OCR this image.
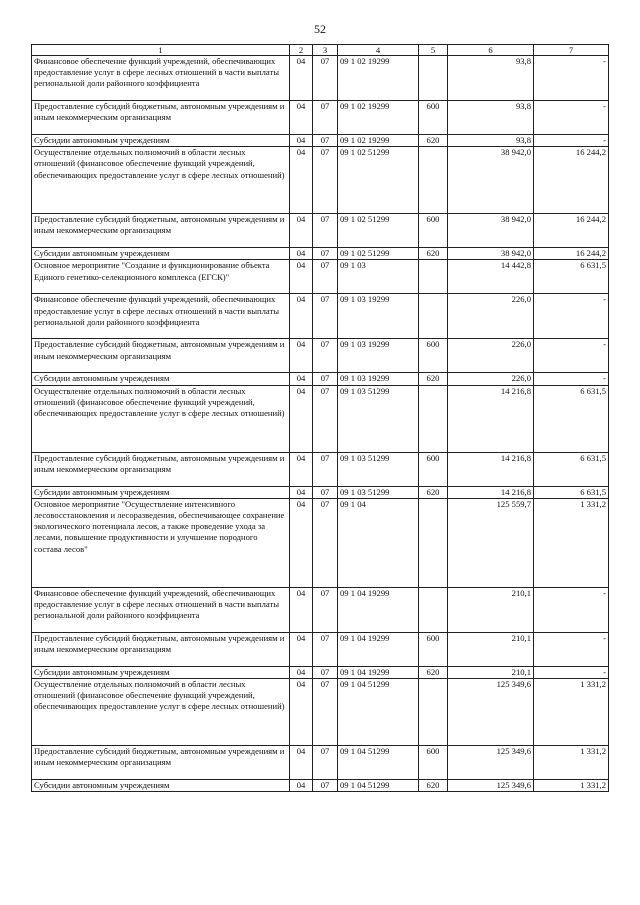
52
1	2	3	4	5	6	7
Финансовое обеспечение функций учреждений, обеспечивающих предоставление услуг в сфере лесных отношений в части выплаты региональной доли районного коэффициента	04	07	09 1 02 19299		93,8	-
Предоставление субсидий бюджетным, автономным учреждениям и иным некоммерческим организациям	04	07	09 1 02 19299	600	93,8	-
Субсидии автономным учреждениям	04	07	09 1 02 19299	620	93,8	-
Осуществление отдельных полномочий в области лесных отношений (финансовое обеспечение функций учреждений, обеспечивающих предоставление услуг в сфере лесных отношений)	04	07	09 1 02 51299		38 942,0	16 244,2
Предоставление субсидий бюджетным, автономным учреждениям и иным некоммерческим организациям	04	07	09 1 02 51299	600	38 942,0	16 244,2
Субсидии автономным учреждениям	04	07	09 1 02 51299	620	38 942,0	16 244,2
Основное мероприятие "Создание и функционирование объекта Единого генетико-селекционного комплекса (ЕГСК)"	04	07	09 1 03		14 442,8	6 631,5
Финансовое обеспечение функций учреждений, обеспечивающих предоставление услуг в сфере лесных отношений в части выплаты региональной доли районного коэффициента	04	07	09 1 03 19299		226,0	-
Предоставление субсидий бюджетным, автономным учреждениям и иным некоммерческим организациям	04	07	09 1 03 19299	600	226,0	-
Субсидии автономным учреждениям	04	07	09 1 03 19299	620	226,0	-
Осуществление отдельных полномочий в области лесных отношений (финансовое обеспечение функций учреждений, обеспечивающих предоставление услуг в сфере лесных отношений)	04	07	09 1 03 51299		14 216,8	6 631,5
Предоставление субсидий бюджетным, автономным учреждениям и иным некоммерческим организациям	04	07	09 1 03 51299	600	14 216,8	6 631,5
Субсидии автономным учреждениям	04	07	09 1 03 51299	620	14 216,8	6 631,5
Основное мероприятие "Осуществление интенсивного лесовосстановления и лесоразведения, обеспечивающее сохранение экологического потенциала лесов, а также проведение ухода за лесами, повышение продуктивности и улучшение породного состава лесов"	04	07	09 1 04		125 559,7	1 331,2
Финансовое обеспечение функций учреждений, обеспечивающих предоставление услуг в сфере лесных отношений в части выплаты региональной доли районного коэффициента	04	07	09 1 04 19299		210,1	-
Предоставление субсидий бюджетным, автономным учреждениям и иным некоммерческим организациям	04	07	09 1 04 19299	600	210,1	-
Субсидии автономным учреждениям	04	07	09 1 04 19299	620	210,1	-
Осуществление отдельных полномочий в области лесных отношений (финансовое обеспечение функций учреждений, обеспечивающих предоставление услуг в сфере лесных отношений)	04	07	09 1 04 51299		125 349,6	1 331,2
Предоставление субсидий бюджетным, автономным учреждениям и иным некоммерческим организациям	04	07	09 1 04 51299	600	125 349,6	1 331,2
Субсидии автономным учреждениям	04	07	09 1 04 51299	620	125 349,6	1 331,2
